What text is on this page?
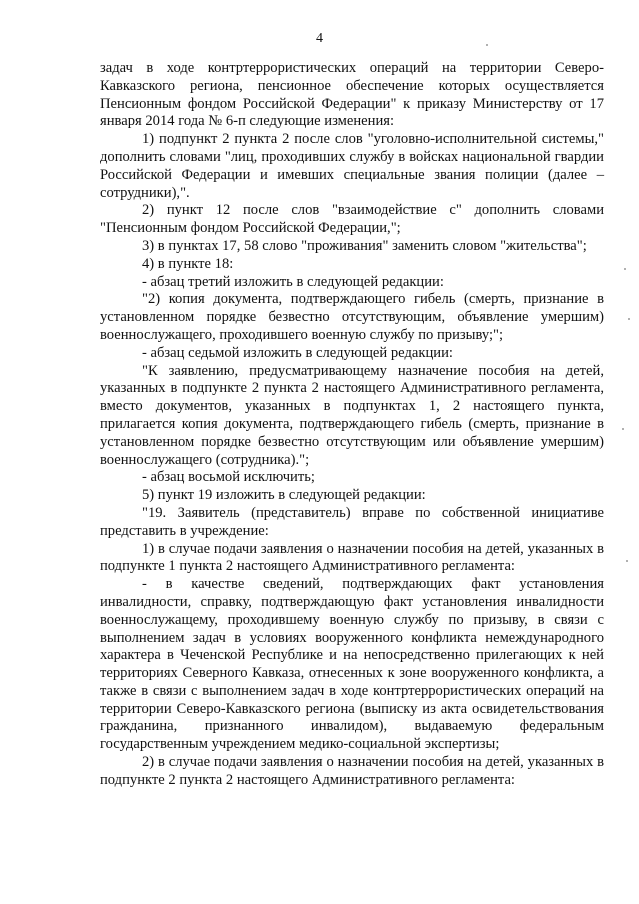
4

задач в ходе контртеррористических операций на территории Северо-Кавказского региона, пенсионное обеспечение которых осуществляется Пенсионным фондом Российской Федерации" к приказу Министерству от 17 января 2014 года № 6-п следующие изменения:

1) подпункт 2 пункта 2 после слов "уголовно-исполнительной системы," дополнить словами "лиц, проходивших службу в войсках национальной гвардии Российской Федерации и имевших специальные звания полиции (далее – сотрудники),".

2) пункт 12 после слов "взаимодействие с" дополнить словами "Пенсионным фондом Российской Федерации,";

3) в пунктах 17, 58 слово "проживания" заменить словом "жительства";

4) в пункте 18:

- абзац третий изложить в следующей редакции:

"2) копия документа, подтверждающего гибель (смерть, признание в установленном порядке безвестно отсутствующим, объявление умершим) военнослужащего, проходившего военную службу по призыву;";

- абзац седьмой изложить в следующей редакции:

"К заявлению, предусматривающему назначение пособия на детей, указанных в подпункте 2 пункта 2 настоящего Административного регламента, вместо документов, указанных в подпунктах 1, 2 настоящего пункта, прилагается копия документа, подтверждающего гибель (смерть, признание в установленном порядке безвестно отсутствующим или объявление умершим) военнослужащего (сотрудника).";

- абзац восьмой исключить;

5) пункт 19 изложить в следующей редакции:

"19. Заявитель (представитель) вправе по собственной инициативе представить в учреждение:

1) в случае подачи заявления о назначении пособия на детей, указанных в подпункте 1 пункта 2 настоящего Административного регламента:

- в качестве сведений, подтверждающих факт установления инвалидности, справку, подтверждающую факт установления инвалидности военнослужащему, проходившему военную службу по призыву, в связи с выполнением задач в условиях вооруженного конфликта немеждународного характера в Чеченской Республике и на непосредственно прилегающих к ней территориях Северного Кавказа, отнесенных к зоне вооруженного конфликта, а также в связи с выполнением задач в ходе контртеррористических операций на территории Северо-Кавказского региона (выписку из акта освидетельствования гражданина, признанного инвалидом), выдаваемую федеральным государственным учреждением медико-социальной экспертизы;

2) в случае подачи заявления о назначении пособия на детей, указанных в подпункте 2 пункта 2 настоящего Административного регламента:
